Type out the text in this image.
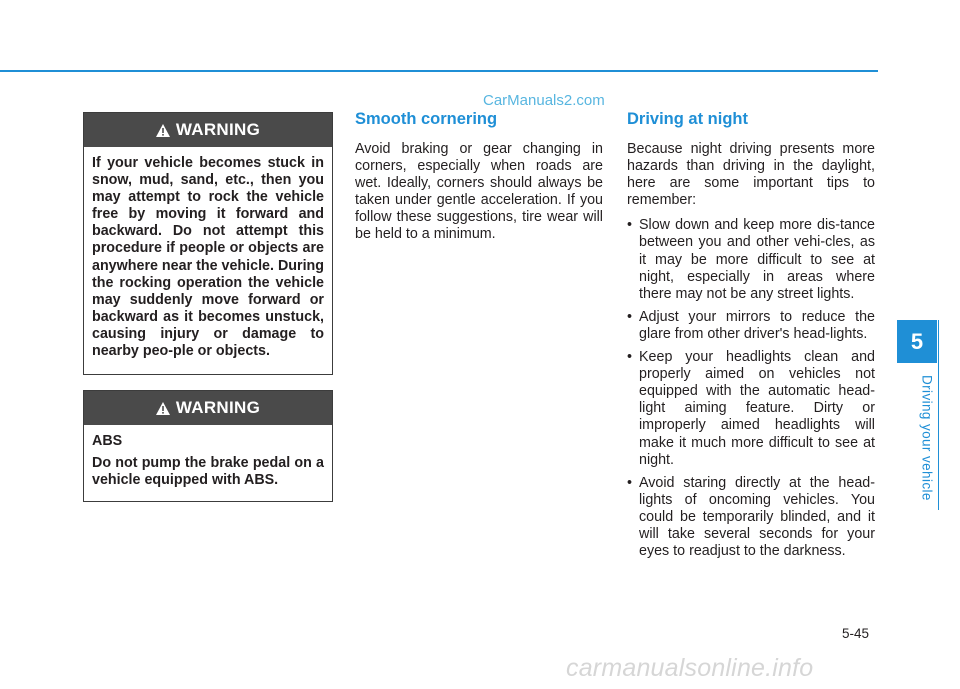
CarManuals2.com
WARNING

If your vehicle becomes stuck in snow, mud, sand, etc., then you may attempt to rock the vehicle free by moving it forward and backward. Do not attempt this procedure if people or objects are anywhere near the vehicle. During the rocking operation the vehicle may suddenly move forward or backward as it becomes unstuck, causing injury or damage to nearby peo-ple or objects.

WARNING

ABS

Do not pump the brake pedal on a vehicle equipped with ABS.

Smooth cornering

Avoid braking or gear changing in corners, especially when roads are wet. Ideally, corners should always be taken under gentle acceleration. If you follow these suggestions, tire wear will be held to a minimum.

Driving at night

Because night driving presents more hazards than driving in the daylight, here are some important tips to remember:

• Slow down and keep more dis-tance between you and other vehi-cles, as it may be more difficult to see at night, especially in areas where there may not be any street lights.
• Adjust your mirrors to reduce the glare from other driver's head-lights.
• Keep your headlights clean and properly aimed on vehicles not equipped with the automatic head-light aiming feature. Dirty or improperly aimed headlights will make it much more difficult to see at night.
• Avoid staring directly at the head-lights of oncoming vehicles. You could be temporarily blinded, and it will take several seconds for your eyes to readjust to the darkness.
5
Driving your vehicle
5-45
carmanualsonline.info
